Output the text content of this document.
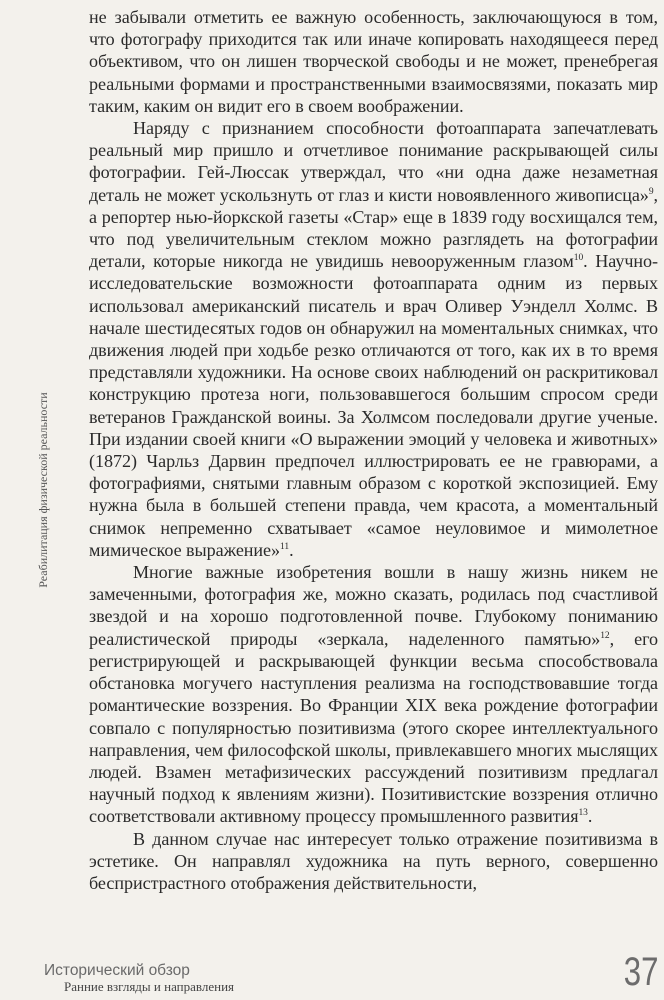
Реабилитация физической реальности

не забывали отметить ее важную особенность, заключающуюся в том, что фотографу приходится так или иначе копировать находящееся перед объективом, что он лишен творческой свободы и не может, пренебрегая реальными формами и пространственными взаимосвязями, показать мир таким, каким он видит его в своем воображении.

Наряду с признанием способности фотоаппарата запечатлевать реальный мир пришло и отчетливое понимание раскрывающей силы фотографии. Гей-Люссак утверждал, что «ни одна даже незаметная деталь не может ускользнуть от глаз и кисти новоявленного живописца»$^9$, а репортер нью-йоркской газеты «Стар» еще в 1839 году восхищался тем, что под увеличительным стеклом можно разглядеть на фотографии детали, которые никогда не увидишь невооруженным глазом$^{10}$. Научно-исследовательские возможности фотоаппарата одним из первых использовал американский писатель и врач Оливер Уэнделл Холмс. В начале шестидесятых годов он обнаружил на моментальных снимках, что движения людей при ходьбе резко отличаются от того, как их в то время представляли художники. На основе своих наблюдений он раскритиковал конструкцию протеза ноги, пользовавшегося большим спросом среди ветеранов Гражданской воины. За Холмсом последовали другие ученые. При издании своей книги «О выражении эмоций у человека и животных» (1872) Чарльз Дарвин предпочел иллюстрировать ее не гравюрами, а фотографиями, снятыми главным образом с короткой экспозицией. Ему нужна была в большей степени правда, чем красота, а моментальный снимок непременно схватывает «самое неуловимое и мимолетное мимическое выражение»$^{11}$.

Многие важные изобретения вошли в нашу жизнь никем не замеченными, фотография же, можно сказать, родилась под счастливой звездой и на хорошо подготовленной почве. Глубокому пониманию реалистической природы «зеркала, наделенного памятью»$^{12}$, его регистрирующей и раскрывающей функции весьма способствовала обстановка могучего наступления реализма на господствовавшие тогда романтические воззрения. Во Франции XIX века рождение фотографии совпало с популярностью позитивизма (этого скорее интеллектуального направления, чем философской школы, привлекавшего многих мыслящих людей. Взамен метафизических рассуждений позитивизм предлагал научный подход к явлениям жизни). Позитивистские воззрения отлично соответствовали активному процессу промышленного развития$^{13}$.

В данном случае нас интересует только отражение позитивизма в эстетике. Он направлял художника на путь верного, совершенно беспристрастного отображения действительности,

Исторический обзор
Ранние взгляды и направления	37
